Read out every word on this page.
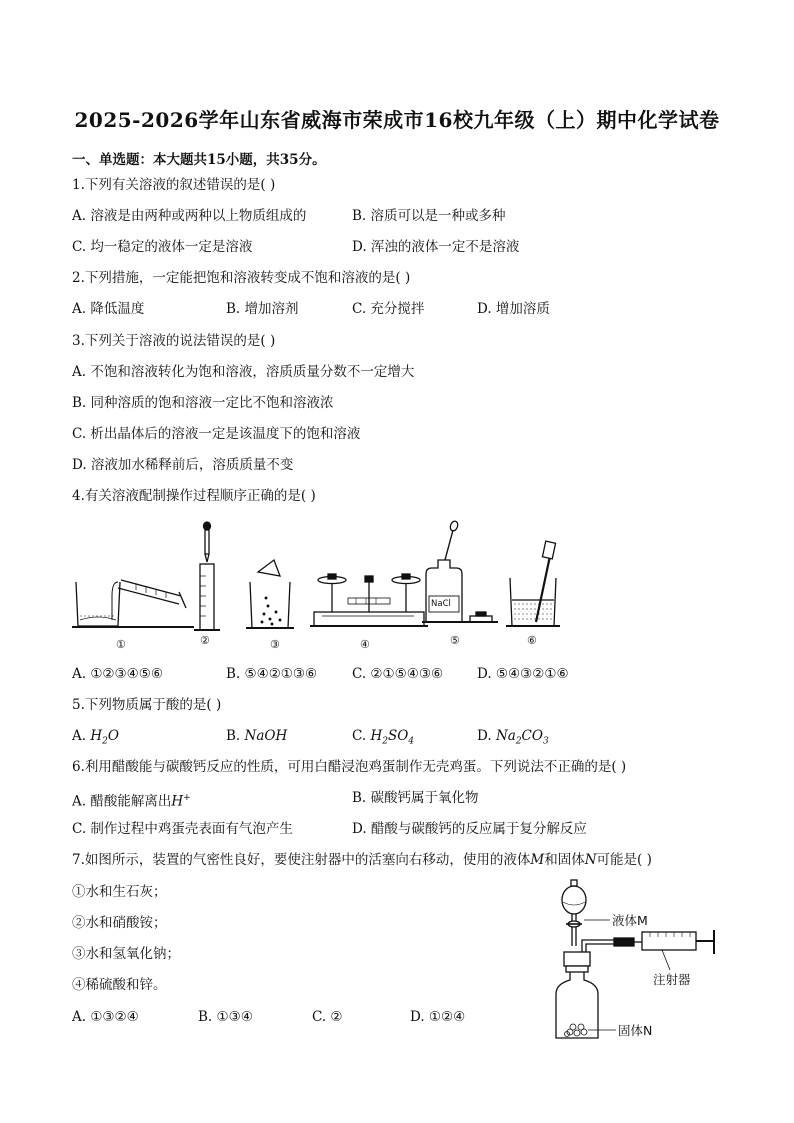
2025-2026学年山东省威海市荣成市16校九年级（上）期中化学试卷
一、单选题：本大题共15小题，共35分。
1.下列有关溶液的叙述错误的是( )
A. 溶液是由两种或两种以上物质组成的	B. 溶质可以是一种或多种
C. 均一稳定的液体一定是溶液	D. 浑浊的液体一定不是溶液
2.下列措施，一定能把饱和溶液转变成不饱和溶液的是( )
A. 降低温度	B. 增加溶剂	C. 充分搅拌	D. 增加溶质
3.下列关于溶液的说法错误的是( )
A. 不饱和溶液转化为饱和溶液，溶质质量分数不一定增大
B. 同种溶质的饱和溶液一定比不饱和溶液浓
C. 析出晶体后的溶液一定是该温度下的饱和溶液
D. 溶液加水稀释前后，溶质质量不变
4.有关溶液配制操作过程顺序正确的是( )
①	②	③	④	⑤	⑥
NaCl
A. ①②③④⑤⑥	B. ⑤④②①③⑥	C. ②①⑤④③⑥	D. ⑤④③②①⑥
5.下列物质属于酸的是( )
A. $H_2O$	B. NaOH	C. $H_2SO_4$	D. $Na_2CO_3$
6.利用醋酸能与碳酸钙反应的性质，可用白醋浸泡鸡蛋制作无壳鸡蛋。下列说法不正确的是( )
A. 醋酸能解离出H+	B. 碳酸钙属于氧化物
C. 制作过程中鸡蛋壳表面有气泡产生	D. 醋酸与碳酸钙的反应属于复分解反应
7.如图所示，装置的气密性良好，要使注射器中的活塞向右移动，使用的液体M和固体N可能是( )
①水和生石灰；
②水和硝酸铵；
③水和氢氧化钠；
④稀硫酸和锌。
A. ①③②④	B. ①③④	C. ②	D. ①②④
液体M
注射器
固体N
